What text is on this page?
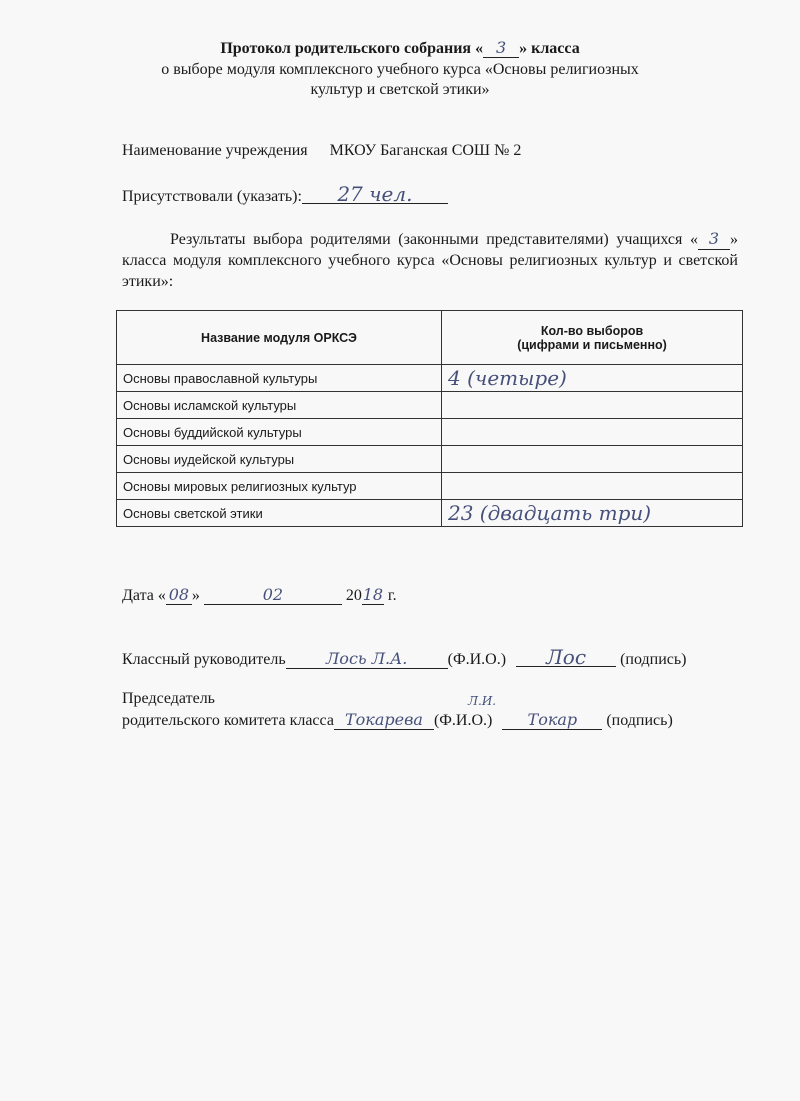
Протокол родительского собрания « 3 » класса
о выборе модуля комплексного учебного курса «Основы религиозных
культур и светской этики»
Наименование учреждения МКОУ Баганская СОШ № 2
Присутствовали (указать): 27 чел.
Результаты выбора родителями (законными представителями) учащихся « 3 » класса модуля комплексного учебного курса «Основы религиозных культур и светской этики»:
Название модуля ОРКСЭ	Кол-во выборов
(цифрами и письменно)
Основы православной культуры	4 (четыре)
Основы исламской культуры	
Основы буддийской культуры	
Основы иудейской культуры	
Основы мировых религиозных культур	
Основы светской этики	23 (двадцать три)
Дата « 08 »	02	2018 г.
Классный руководитель	Лось Л.А.	(Ф.И.О.) Лос (подпись)
Председатель	Л.И.
родительского комитета класса Токарева (Ф.И.О.) Токар (подпись)
